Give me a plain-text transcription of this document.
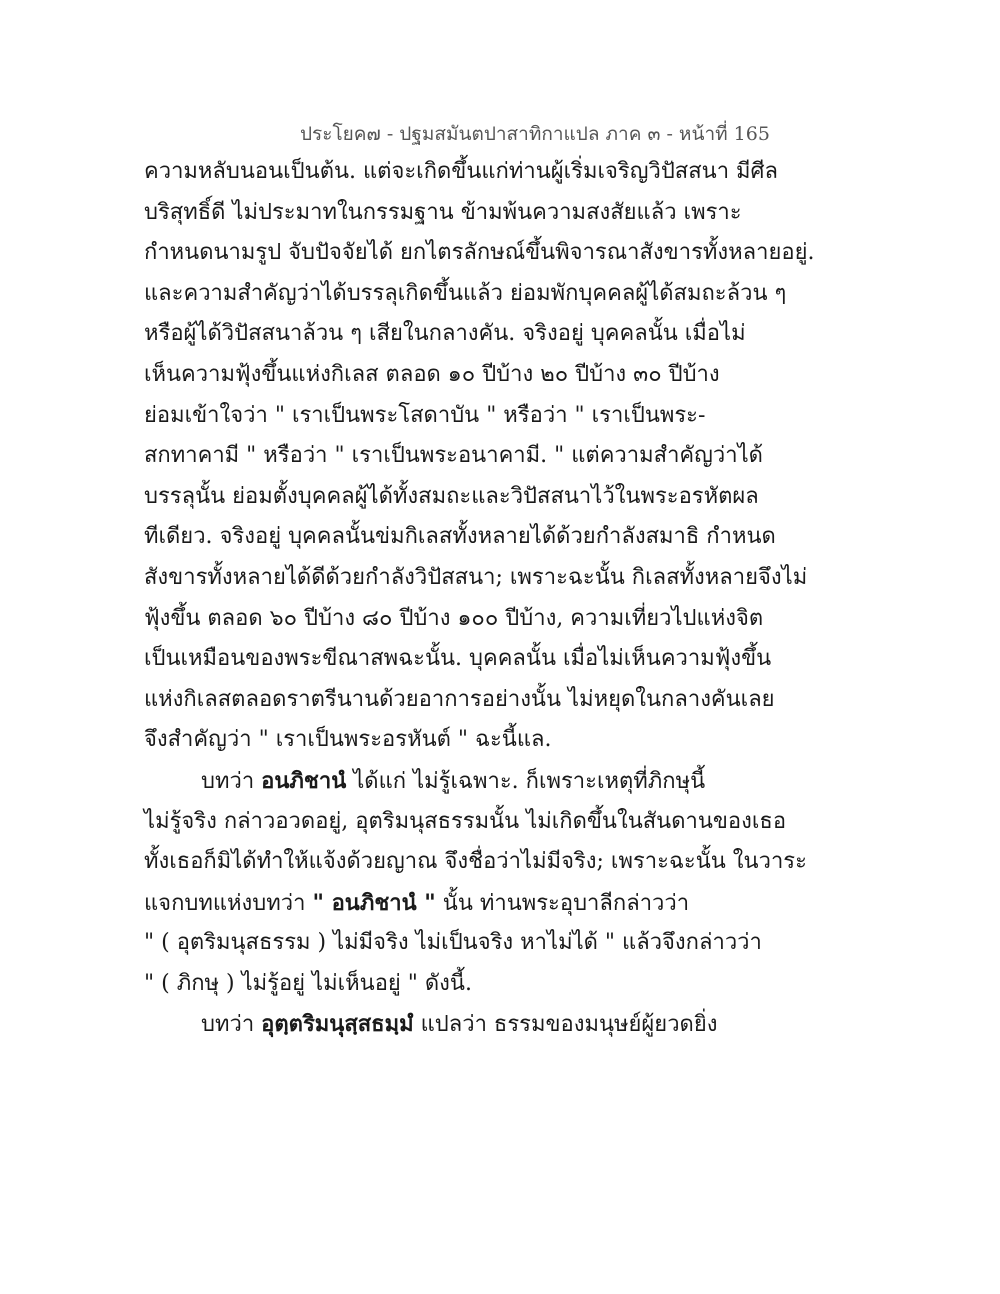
ประโยค๗ - ปฐมสมันตปาสาทิกาแปล ภาค ๓ - หน้าที่ 165
ความหลับนอนเป็นต้น. แต่จะเกิดขึ้นแก่ท่านผู้เริ่มเจริญวิปัสสนา มีศีล
บริสุทธิ์ดี ไม่ประมาทในกรรมฐาน ข้ามพ้นความสงสัยแล้ว เพราะ
กำหนดนามรูป จับปัจจัยได้ ยกไตรลักษณ์ขึ้นพิจารณาสังขารทั้งหลายอยู่.
และความสำคัญว่าได้บรรลุเกิดขึ้นแล้ว ย่อมพักบุคคลผู้ได้สมถะล้วน ๆ
หรือผู้ได้วิปัสสนาล้วน ๆ เสียในกลางคัน. จริงอยู่ บุคคลนั้น เมื่อไม่
เห็นความฟุ้งขึ้นแห่งกิเลส ตลอด ๑๐ ปีบ้าง ๒๐ ปีบ้าง ๓๐ ปีบ้าง
ย่อมเข้าใจว่า " เราเป็นพระโสดาบัน " หรือว่า " เราเป็นพระ-
สกทาคามี " หรือว่า " เราเป็นพระอนาคามี. " แต่ความสำคัญว่าได้
บรรลุนั้น ย่อมตั้งบุคคลผู้ได้ทั้งสมถะและวิปัสสนาไว้ในพระอรหัตผล
ทีเดียว. จริงอยู่ บุคคลนั้นข่มกิเลสทั้งหลายได้ด้วยกำลังสมาธิ กำหนด
สังขารทั้งหลายได้ดีด้วยกำลังวิปัสสนา; เพราะฉะนั้น กิเลสทั้งหลายจึงไม่
ฟุ้งขึ้น ตลอด ๖๐ ปีบ้าง ๘๐ ปีบ้าง ๑๐๐ ปีบ้าง, ความเที่ยวไปแห่งจิต
เป็นเหมือนของพระขีณาสพฉะนั้น. บุคคลนั้น เมื่อไม่เห็นความฟุ้งขึ้น
แห่งกิเลสตลอดราตรีนานด้วยอาการอย่างนั้น ไม่หยุดในกลางคันเลย
จึงสำคัญว่า " เราเป็นพระอรหันต์ " ฉะนี้แล.
บทว่า อนภิชานํ ได้แก่ ไม่รู้เฉพาะ. ก็เพราะเหตุที่ภิกษุนี้
ไม่รู้จริง กล่าวอวดอยู่, อุตริมนุสธรรมนั้น ไม่เกิดขึ้นในสันดานของเธอ
ทั้งเธอก็มิได้ทำให้แจ้งด้วยญาณ จึงชื่อว่าไม่มีจริง; เพราะฉะนั้น ในวาระ
แจกบทแห่งบทว่า " อนภิชานํ " นั้น ท่านพระอุบาลีกล่าวว่า
" ( อุตริมนุสธรรม ) ไม่มีจริง ไม่เป็นจริง หาไม่ได้ " แล้วจึงกล่าวว่า
" ( ภิกษุ ) ไม่รู้อยู่ ไม่เห็นอยู่ " ดังนี้.
บทว่า อุตฺตริมนุสฺสธมฺมํ แปลว่า ธรรมของมนุษย์ผู้ยวดยิ่ง
